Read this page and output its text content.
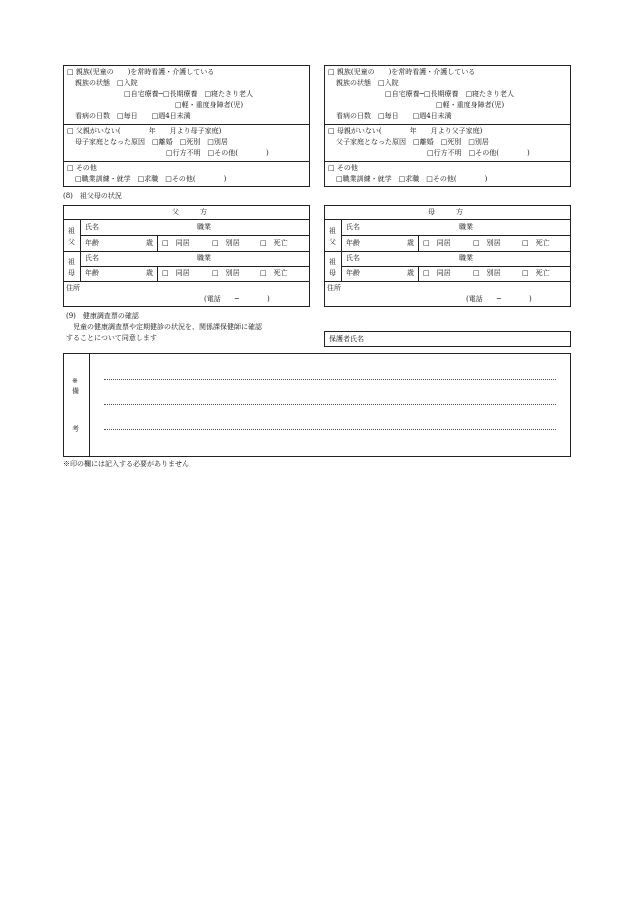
□ 親族(児童の　　)を常時看護・介護している
親族の状態　□入院
□自宅療養─□長期療養　□寝たきり老人
□軽・重度身障者(児)
看病の日数　□毎日　　□週4日未満
□ 父親がいない(　　　　年　　月より母子家庭)
母子家庭となった原因　□離婚　□死別　□別居
□行方不明　□その他(　　　　)
□ その他
□職業訓練・就学　□求職　□その他(　　　　)
□ 親族(児童の　　)を常時看護・介護している
親族の状態　□入院
□自宅療養─□長期療養　□寝たきり老人
□軽・重度身障者(児)
看病の日数　□毎日　　□週4日未満
□ 母親がいない(　　　　年　　月より父子家庭)
父子家庭となった原因　□離婚　□死別　□別居
□行方不明　□その他(　　　　)
□ その他
□職業訓練・就学　□求職　□その他(　　　　)
(8)　祖父母の状況
父　　　方
祖父
氏名	職業
年齢	歳 □　同居	□　別居	□　死亡
祖母
氏名	職業
年齢	歳 □　同居	□　別居	□　死亡
住所
(電話　　─　　　　)
母　　　方
祖父
氏名	職業
年齢	歳 □　同居	□　別居	□　死亡
祖母
氏名	職業
年齢	歳 □　同居	□　別居	□　死亡
住所
(電話　　─　　　　)
(9)　健康調査票の確認
児童の健康調査票や定期健診の状況を、関係課保健師に確認
することについて同意します	保護者氏名
※
備
考
※印の欄には記入する必要がありません
